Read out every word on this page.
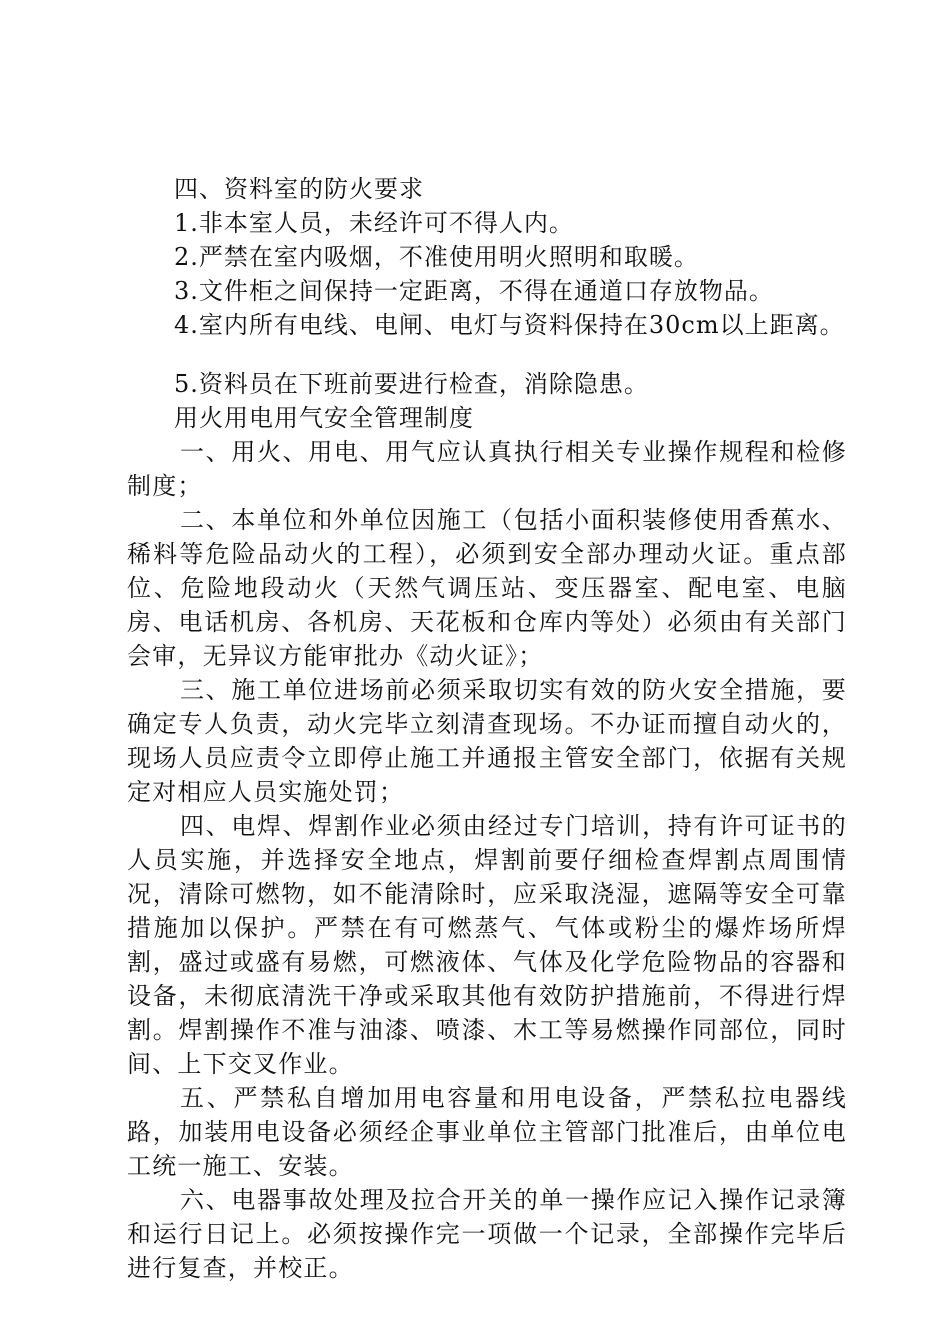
四、资料室的防火要求

1.非本室人员，未经许可不得人内。

2.严禁在室内吸烟，不准使用明火照明和取暖。

3.文件柜之间保持一定距离，不得在通道口存放物品。

4.室内所有电线、电闸、电灯与资料保持在30cm以上距离。

5.资料员在下班前要进行检查，消除隐患。

用火用电用气安全管理制度

一、用火、用电、用气应认真执行相关专业操作规程和检修制度；

二、本单位和外单位因施工（包括小面积装修使用香蕉水、稀料等危险品动火的工程），必须到安全部办理动火证。重点部位、危险地段动火（天然气调压站、变压器室、配电室、电脑房、电话机房、各机房、天花板和仓库内等处）必须由有关部门会审，无异议方能审批办《动火证》；

三、施工单位进场前必须采取切实有效的防火安全措施，要确定专人负责，动火完毕立刻清查现场。不办证而擅自动火的，现场人员应责令立即停止施工并通报主管安全部门，依据有关规定对相应人员实施处罚；

四、电焊、焊割作业必须由经过专门培训，持有许可证书的人员实施，并选择安全地点，焊割前要仔细检查焊割点周围情况，清除可燃物，如不能清除时，应采取浇湿，遮隔等安全可靠措施加以保护。严禁在有可燃蒸气、气体或粉尘的爆炸场所焊割，盛过或盛有易燃，可燃液体、气体及化学危险物品的容器和设备，未彻底清洗干净或采取其他有效防护措施前，不得进行焊割。焊割操作不准与油漆、喷漆、木工等易燃操作同部位，同时间、上下交叉作业。

五、严禁私自增加用电容量和用电设备，严禁私拉电器线路，加装用电设备必须经企事业单位主管部门批准后，由单位电工统一施工、安装。

六、电器事故处理及拉合开关的单一操作应记入操作记录簿和运行日记上。必须按操作完一项做一个记录，全部操作完毕后进行复查，并校正。
